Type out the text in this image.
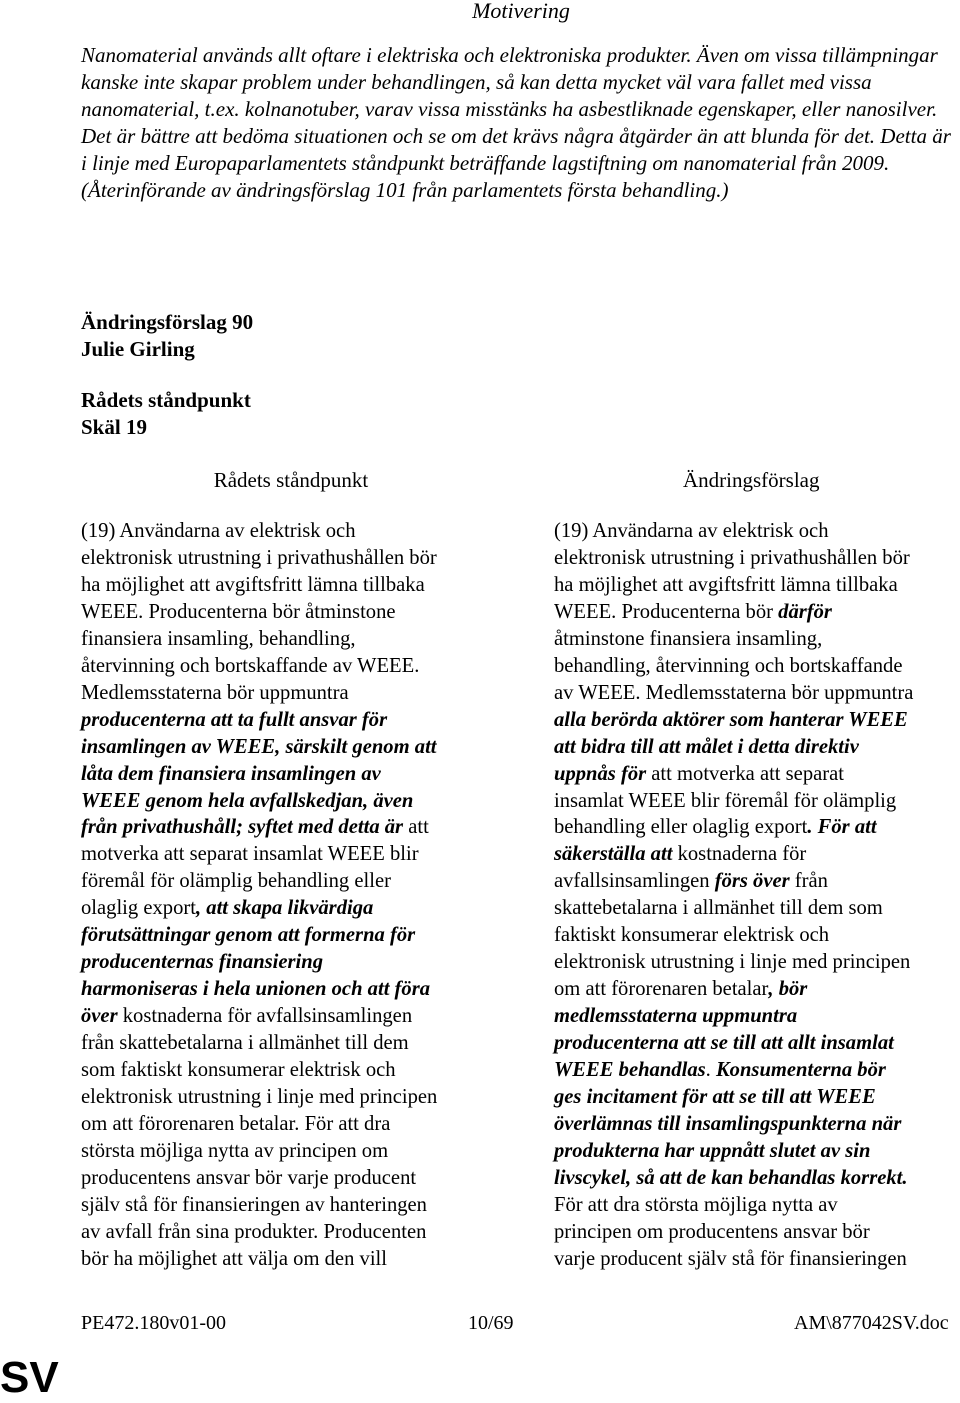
Motivering
Nanomaterial används allt oftare i elektriska och elektroniska produkter. Även om vissa tillämpningar kanske inte skapar problem under behandlingen, så kan detta mycket väl vara fallet med vissa nanomaterial, t.ex. kolnanotuber, varav vissa misstänks ha asbestliknade egenskaper, eller nanosilver. Det är bättre att bedöma situationen och se om det krävs några åtgärder än att blunda för det. Detta är i linje med Europaparlamentets ståndpunkt beträffande lagstiftning om nanomaterial från 2009. (Återinförande av ändringsförslag 101 från parlamentets första behandling.)
Ändringsförslag 90
Julie Girling
Rådets ståndpunkt
Skäl 19
Rådets ståndpunkt	Ändringsförslag
(19) Användarna av elektrisk och
elektronisk utrustning i privathushållen bör
ha möjlighet att avgiftsfritt lämna tillbaka
WEEE. Producenterna bör åtminstone
finansiera insamling, behandling,
återvinning och bortskaffande av WEEE.
Medlemsstaterna bör uppmuntra
producenterna att ta fullt ansvar för
insamlingen av WEEE, särskilt genom att
låta dem finansiera insamlingen av
WEEE genom hela avfallskedjan, även
från privathushåll; syftet med detta är att
motverka att separat insamlat WEEE blir
föremål för olämplig behandling eller
olaglig export, att skapa likvärdiga
förutsättningar genom att formerna för
producenternas finansiering
harmoniseras i hela unionen och att föra
över kostnaderna för avfallsinsamlingen
från skattebetalarna i allmänhet till dem
som faktiskt konsumerar elektrisk och
elektronisk utrustning i linje med principen
om att förorenaren betalar. För att dra
största möjliga nytta av principen om
producentens ansvar bör varje producent
själv stå för finansieringen av hanteringen
av avfall från sina produkter. Producenten
bör ha möjlighet att välja om den vill
(19) Användarna av elektrisk och
elektronisk utrustning i privathushållen bör
ha möjlighet att avgiftsfritt lämna tillbaka
WEEE. Producenterna bör därför
åtminstone finansiera insamling,
behandling, återvinning och bortskaffande
av WEEE. Medlemsstaterna bör uppmuntra
alla berörda aktörer som hanterar WEEE
att bidra till att målet i detta direktiv
uppnås för att motverka att separat
insamlat WEEE blir föremål för olämplig
behandling eller olaglig export. För att
säkerställa att kostnaderna för
avfallsinsamlingen förs över från
skattebetalarna i allmänhet till dem som
faktiskt konsumerar elektrisk och
elektronisk utrustning i linje med principen
om att förorenaren betalar, bör
medlemsstaterna uppmuntra
producenterna att se till att allt insamlat
WEEE behandlas. Konsumenterna bör
ges incitament för att se till att WEEE
överlämnas till insamlingspunkterna när
produkterna har uppnått slutet av sin
livscykel, så att de kan behandlas korrekt.
För att dra största möjliga nytta av
principen om producentens ansvar bör
varje producent själv stå för finansieringen
PE472.180v01-00	10/69	AM\877042SV.doc
SV
